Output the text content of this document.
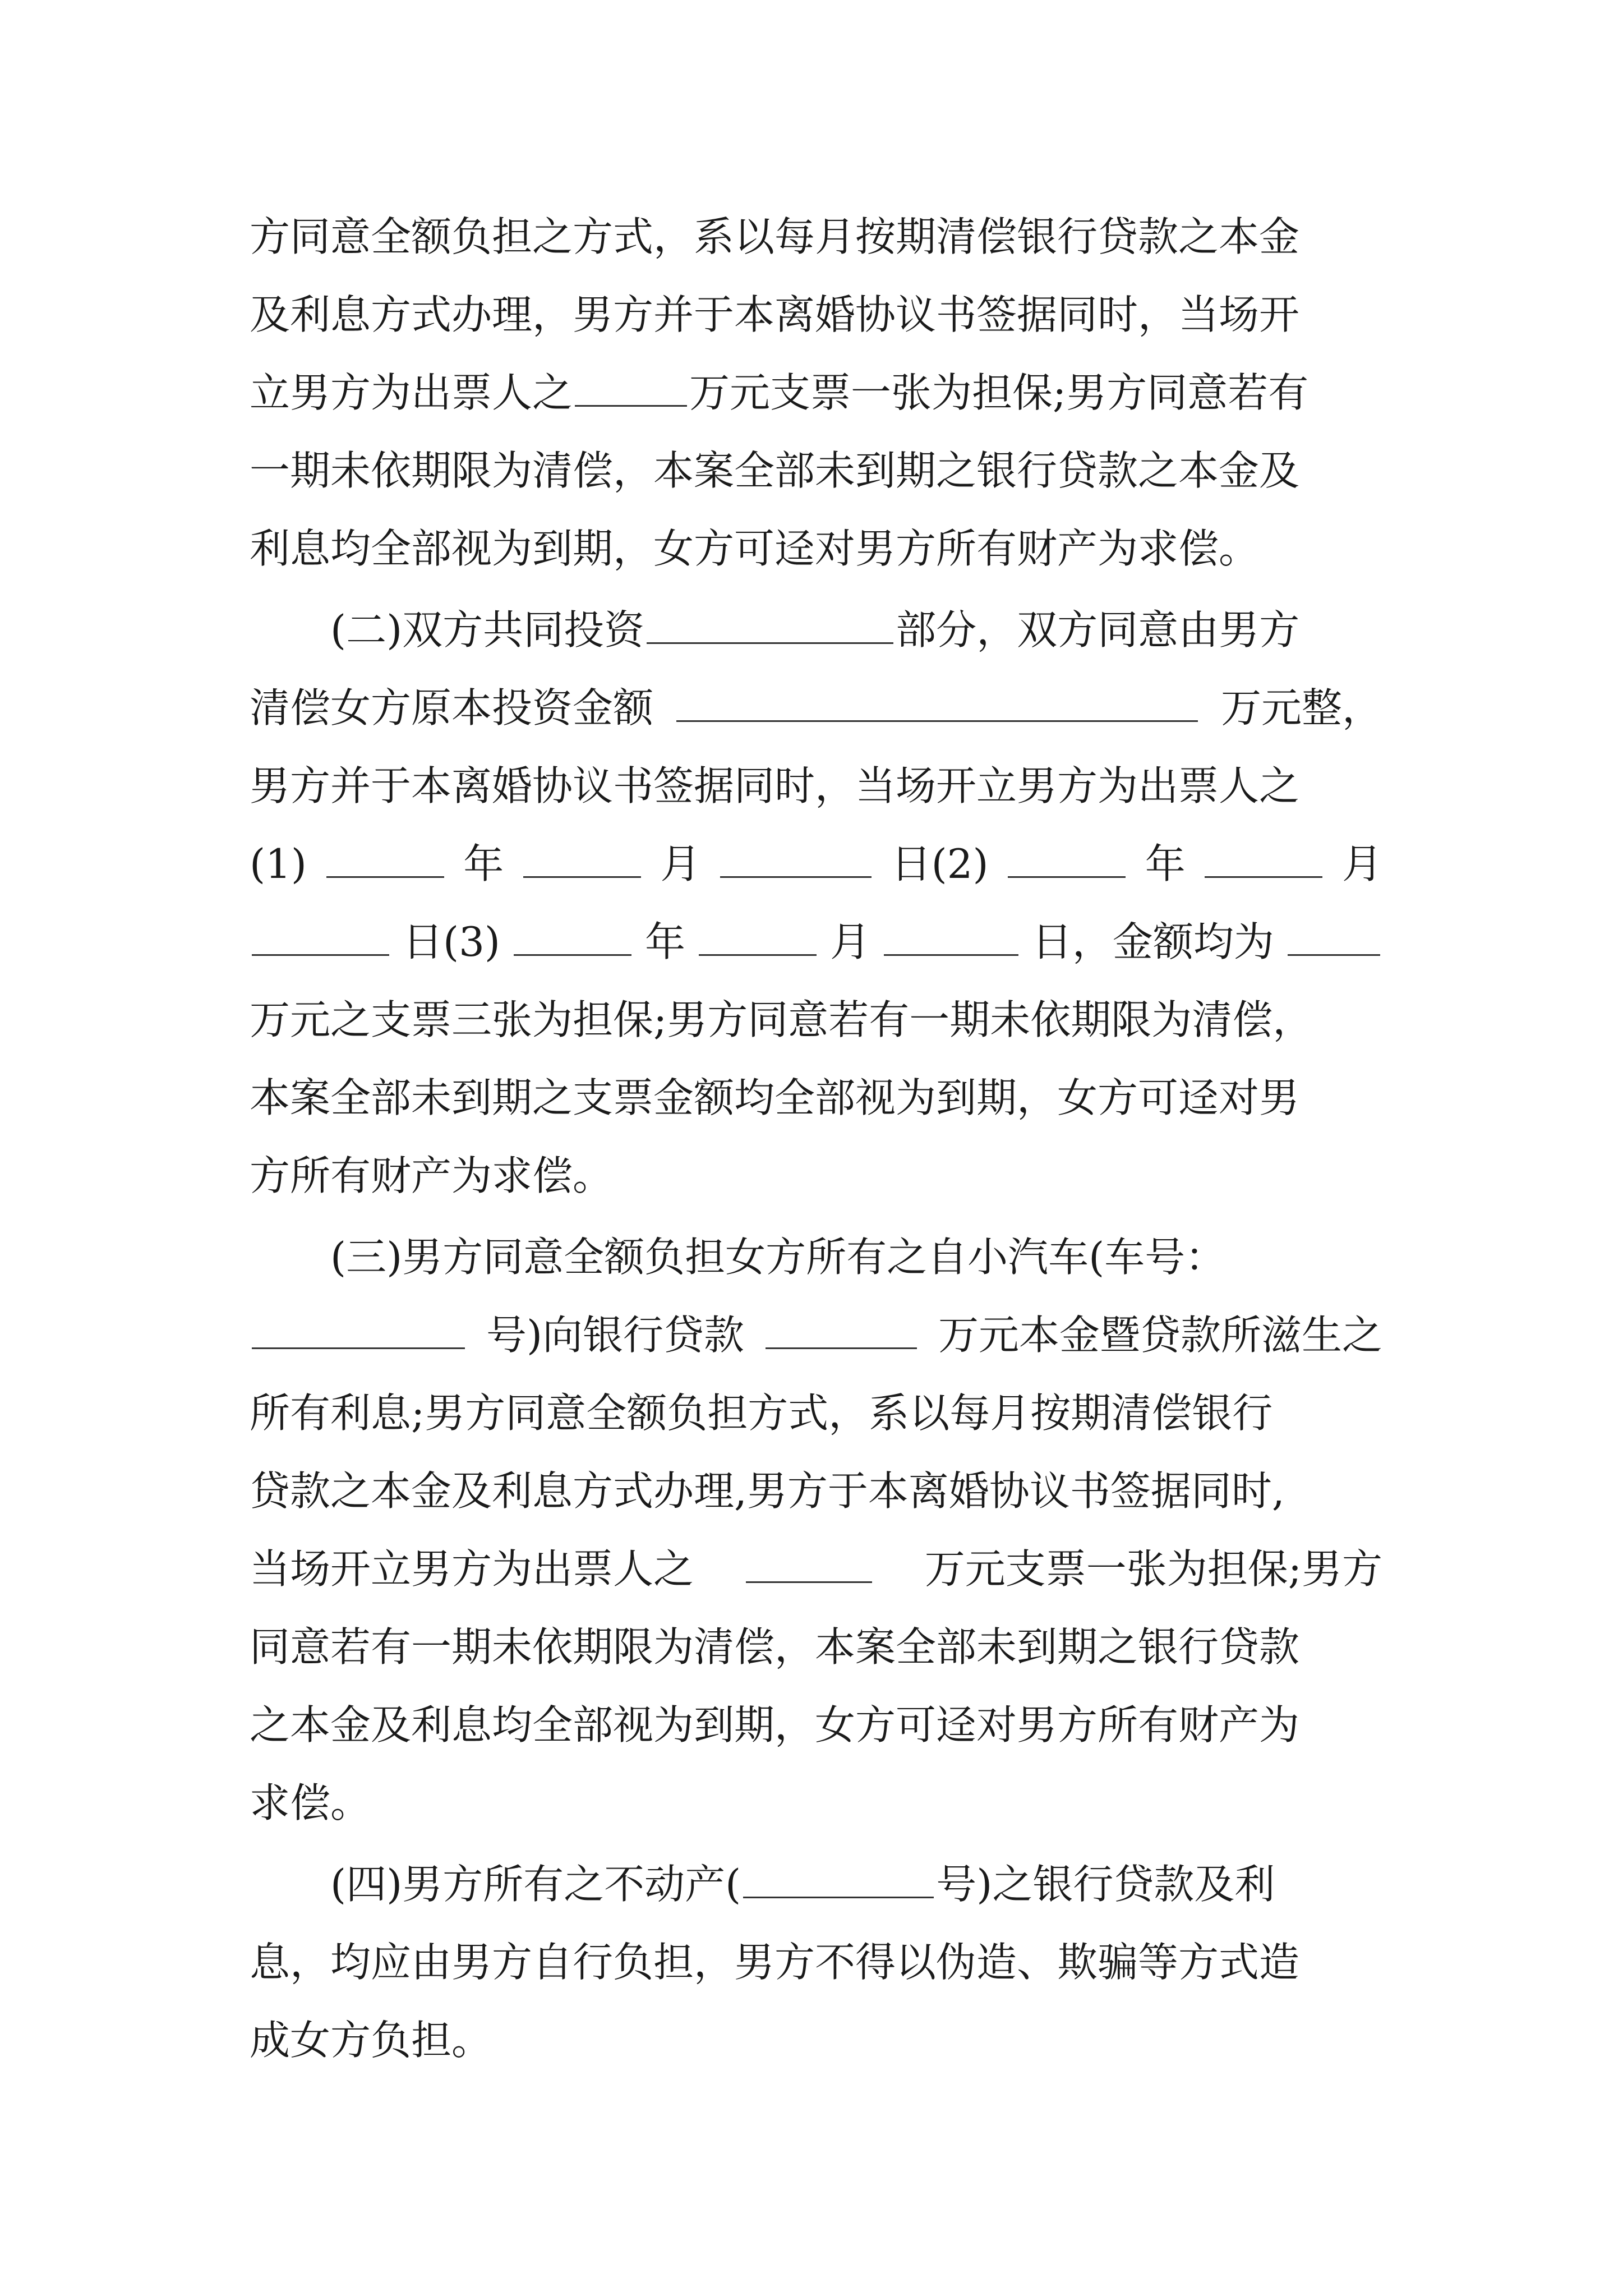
方同意全额负担之方式，系以每月按期清偿银行贷款之本金
及利息方式办理，男方并于本离婚协议书签据同时，当场开
立男方为出票人之	万元支票一张为担保;男方同意若有
一期未依期限为清偿，本案全部未到期之银行贷款之本金及
利息均全部视为到期，女方可迳对男方所有财产为求偿。
(二)双方共同投资	部分，双方同意由男方
清偿女方原本投资金额	万元整，
男方并于本离婚协议书签据同时，当场开立男方为出票人之
(1)	年	月	日(2)	年	月
日(3)	年	月	日，金额均为
万元之支票三张为担保;男方同意若有一期未依期限为清偿，
本案全部未到期之支票金额均全部视为到期，女方可迳对男
方所有财产为求偿。
(三)男方同意全额负担女方所有之自小汽车(车号：
号)向银行贷款	万元本金暨贷款所滋生之
所有利息;男方同意全额负担方式，系以每月按期清偿银行
贷款之本金及利息方式办理,男方于本离婚协议书签据同时,
当场开立男方为出票人之	万元支票一张为担保;男方
同意若有一期未依期限为清偿，本案全部未到期之银行贷款
之本金及利息均全部视为到期，女方可迳对男方所有财产为
求偿。
(四)男方所有之不动产(	号)之银行贷款及利
息，均应由男方自行负担，男方不得以伪造、欺骗等方式造
成女方负担。
